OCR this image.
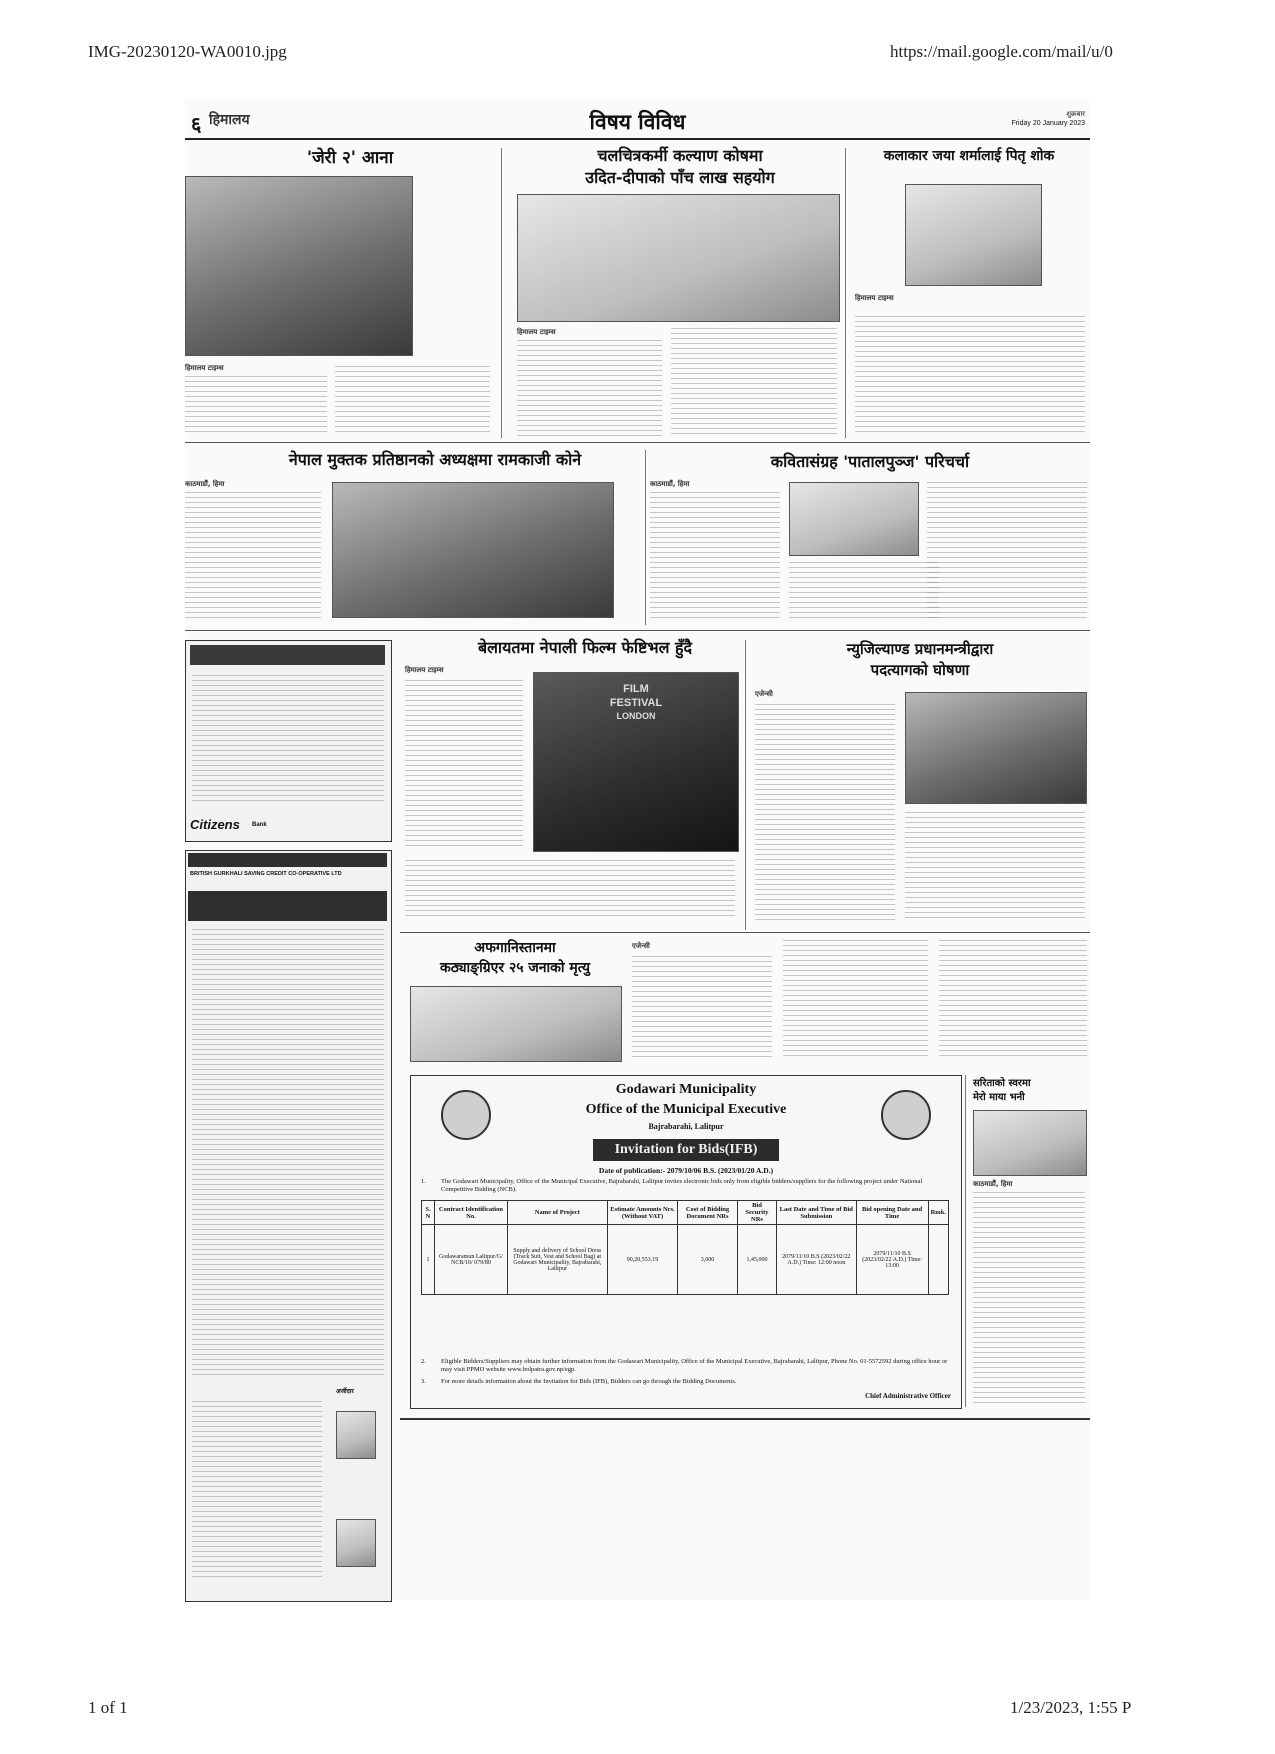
IMG-20230120-WA0010.jpg	https://mail.google.com/mail/u/0
1 of 1	1/23/2023, 1:55 P
६ हिमालय	विषय विविध	शुक्रबार
Friday 20 January 2023
'जेरी २' आना
हिमालय टाइम्स
चलचित्रकर्मी कल्याण कोषमा
उदित-दीपाको पाँच लाख सहयोग
हिमालय टाइम्स
कलाकार जया शर्मालाई पितृ शोक
हिमालय टाइम्स
नेपाल मुक्तक प्रतिष्ठानको अध्यक्षमा रामकाजी कोने
काठमाडौं, हिमा
कवितासंग्रह 'पातालपुञ्ज' परिचर्चा
काठमाडौं, हिमा
Citizens Bank
BRITISH GURKHALI SAVING CREDIT CO-OPERATIVE LTD
अर्जीदार
बेलायतमा नेपाली फिल्म फेष्टिभल हुँदै
हिमालय टाइम्स
FILM
FESTIVAL
LONDON
न्युजिल्याण्ड प्रधानमन्त्रीद्वारा
पदत्यागको घोषणा
एजेन्सी
अफगानिस्तानमा
कठ्याङ्ग्रिएर २५ जनाको मृत्यु
एजेन्सी
Godawari Municipality
Office of the Municipal Executive
Bajrabarahi, Lalitpur
Invitation for Bids(IFB)
Date of publication:- 2079/10/06 B.S. (2023/01/20 A.D.)
1. The Godawari Municipality, Office of the Municipal Executive, Bajrabarahi, Lalitpur invites electronic bids only from eligible bidders/suppliers for the following project under National Competitive Bidding (NCB).
S. N	Contract Identification No.	Name of Project	Estimate Amounts Nrs. (Without VAT)	Cost of Bidding Document NRs	Bid Security NRs	Last Date and Time of Bid Submission	Bid opening Date and Time	Rmk.
1	Godawaramun Lalitpur/G/ NCB/10/ 079/80	Supply and delivery of School Dress (Track Suit, Vest and School Bag) at Godawari Municipality, Bajrabarahi, Lalitpur	90,20,553.19	3,000	1,45,000	2079/11/10 B.S (2023/02/22 A.D.) Time: 12:00 noon	2079/11/10 B.S (2023/02/22 A.D.) Time: 13:00	
2. Eligible Bidders/Suppliers may obtain further information from the Godawari Municipality, Office of the Municipal Executive, Bajrabarahi, Lalitpur, Phone No. 01-5572592 during office hour or may visit PPMO website www.bolpatra.gov.np/egp.
3. For more details information about the Invitation for Bids (IFB), Bidders can go through the Bidding Documents.
Chief Administrative Officer
सरिताको स्वरमा
मेरो माया भनी
काठमाडौं, हिमा
